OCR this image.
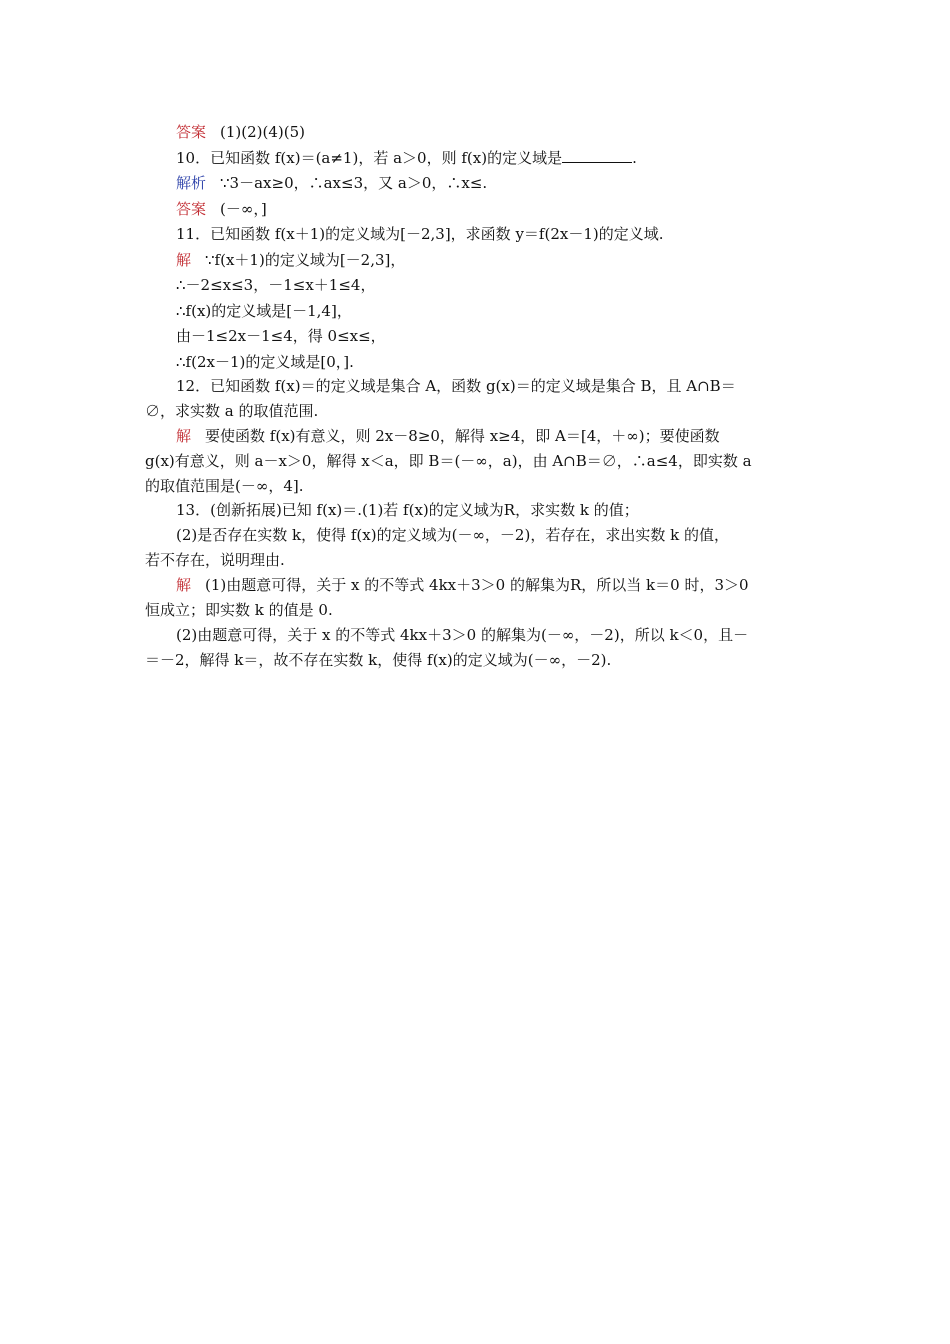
答案 (1)(2)(4)(5)
10．已知函数 f(x)＝(a≠1)，若 a＞0，则 f(x)的定义域是	.
解析 ∵3－ax≥0，∴ax≤3，又 a＞0，∴x≤.
答案 (－∞，]
11．已知函数 f(x＋1)的定义域为[－2,3]，求函数 y＝f(2x－1)的定义域.
解 ∵f(x＋1)的定义域为[－2,3]，
∴－2≤x≤3，－1≤x＋1≤4，
∴f(x)的定义域是[－1,4]，
由－1≤2x－1≤4，得 0≤x≤，
∴f(2x－1)的定义域是[0，].
12．已知函数 f(x)＝的定义域是集合 A，函数 g(x)＝的定义域是集合 B，且 A∩B＝
∅，求实数 a 的取值范围.
解 要使函数 f(x)有意义，则 2x－8≥0，解得 x≥4，即 A＝[4，＋∞)；要使函数
g(x)有意义，则 a－x＞0，解得 x＜a，即 B＝(－∞，a)，由 A∩B＝∅，∴a≤4，即实数 a
的取值范围是(－∞，4].
13．(创新拓展)已知 f(x)＝.(1)若 f(x)的定义域为R，求实数 k 的值；
(2)是否存在实数 k，使得 f(x)的定义域为(－∞，－2)，若存在，求出实数 k 的值，
若不存在，说明理由.
解 (1)由题意可得，关于 x 的不等式 4kx＋3＞0 的解集为R，所以当 k＝0 时，3＞0
恒成立；即实数 k 的值是 0.
(2)由题意可得，关于 x 的不等式 4kx＋3＞0 的解集为(－∞，－2)，所以 k＜0，且－
＝－2，解得 k＝，故不存在实数 k，使得 f(x)的定义域为(－∞，－2).
